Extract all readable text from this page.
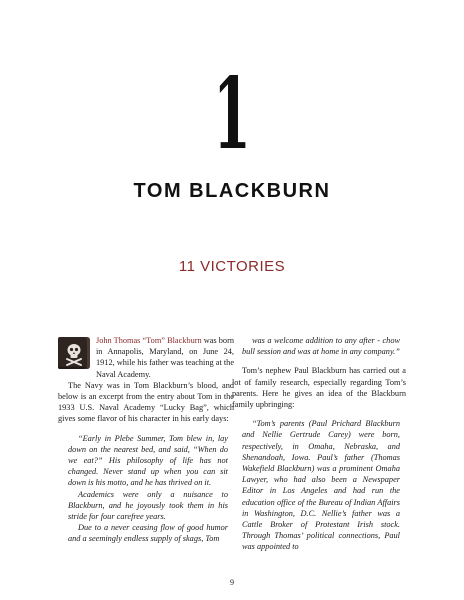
1
TOM BLACKBURN
11 VICTORIES

John Thomas “Tom” Blackburn was born in Annapolis, Maryland, on June 24, 1912, while his father was teaching at the Naval Academy.

The Navy was in Tom Blackburn’s blood, and below is an excerpt from the entry about Tom in the 1933 U.S. Naval Academy “Lucky Bag”, which gives some flavor of his character in his early days:

“Early in Plebe Summer, Tom blew in, lay down on the nearest bed, and said, “When do we eat?” His philosophy of life has not changed. Never stand up when you can sit down is his motto, and he has thrived on it.

Academics were only a nuisance to Blackburn, and he joyously took them in his stride for four carefree years.

Due to a never ceasing flow of good humor and a seemingly endless supply of skags, Tom

was a welcome addition to any after - chow bull session and was at home in any company.”

Tom’s nephew Paul Blackburn has carried out a lot of family research, especially regarding Tom’s parents. Here he gives an idea of the Blackburn family upbringing:

“Tom’s parents (Paul Prichard Blackburn and Nellie Gertrude Carey) were born, respectively, in Omaha, Nebraska, and Shenandoah, Iowa. Paul’s father (Thomas Wakefield Blackburn) was a prominent Omaha Lawyer, who had also been a Newspaper Editor in Los Angeles and had run the education office of the Bureau of Indian Affairs in Washington, D.C. Nellie’s father was a Cattle Broker of Protestant Irish stock. Through Thomas’ political connections, Paul was appointed to

9
